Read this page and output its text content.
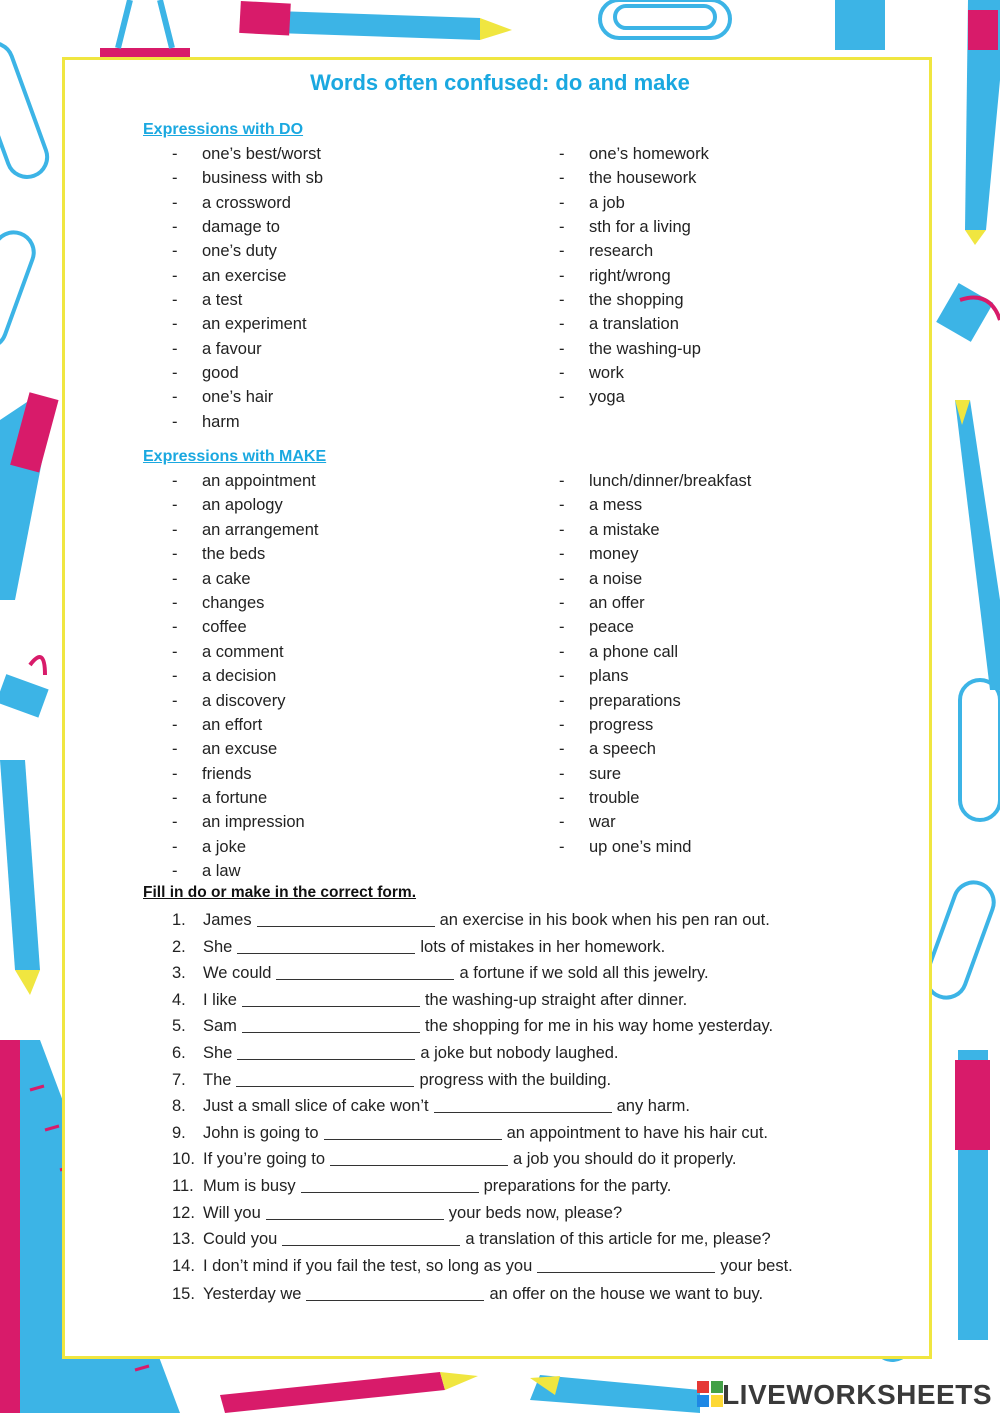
Words often confused: do and make
Expressions with DO
-	one’s best/worst
-	business with sb
-	a crossword
-	damage to
-	one’s duty
-	an exercise
-	a test
-	an experiment
-	a favour
-	good
-	one’s hair
-	harm
-	one’s homework
-	the housework
-	a job
-	sth for a living
-	research
-	right/wrong
-	the shopping
-	a translation
-	the washing-up
-	work
-	yoga
Expressions with MAKE
-	an appointment
-	an apology
-	an arrangement
-	the beds
-	a cake
-	changes
-	coffee
-	a comment
-	a decision
-	a discovery
-	an effort
-	an excuse
-	friends
-	a fortune
-	an impression
-	a joke
-	a law
-	lunch/dinner/breakfast
-	a mess
-	a mistake
-	money
-	a noise
-	an offer
-	peace
-	a phone call
-	plans
-	preparations
-	progress
-	a speech
-	sure
-	trouble
-	war
-	up one’s mind
Fill in do or make in the correct form.
1. James	an exercise in his book when his pen ran out.
2. She	lots of mistakes in her homework.
3. We could	a fortune if we sold all this jewelry.
4. I like	the washing-up straight after dinner.
5. Sam	the shopping for me in his way home yesterday.
6. She	a joke but nobody laughed.
7. The	progress with the building.
8. Just a small slice of cake won’t	any harm.
9. John is going to	an appointment to have his hair cut.
10. If you’re going to	a job you should do it properly.
11. Mum is busy	preparations for the party.
12. Will you	your beds now, please?
13. Could you	a translation of this article for me, please?
14. I don’t mind if you fail the test, so long as you	your best.
15. Yesterday we	an offer on the house we want to buy.
LIVEWORKSHEETS
